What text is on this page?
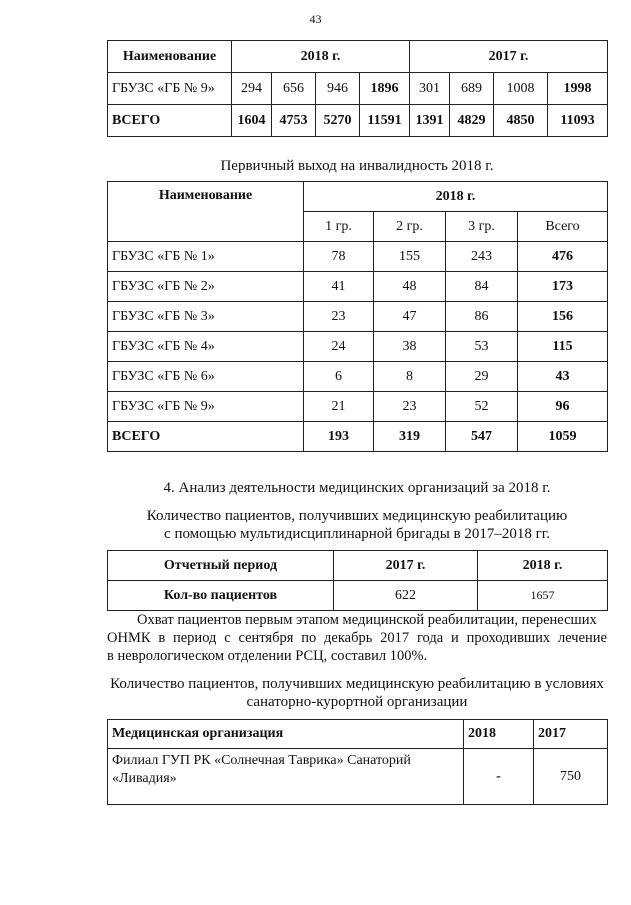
43
Наименование	2018 г.				2017 г.			
ГБУЗС «ГБ № 9»	294	656	946	1896	301	689	1008	1998
ВСЕГО	1604	4753	5270	11591	1391	4829	4850	11093
Первичный выход на инвалидность 2018 г.
Наименование	2018 г.			
	1 гр.	2 гр.	3 гр.	Всего
ГБУЗС «ГБ № 1»	78	155	243	476
ГБУЗС «ГБ № 2»	41	48	84	173
ГБУЗС «ГБ № 3»	23	47	86	156
ГБУЗС «ГБ № 4»	24	38	53	115
ГБУЗС «ГБ № 6»	6	8	29	43
ГБУЗС «ГБ № 9»	21	23	52	96
ВСЕГО	193	319	547	1059
4. Анализ деятельности медицинских организаций за 2018 г.
Количество пациентов, получивших медицинскую реабилитацию
с помощью мультидисциплинарной бригады в 2017–2018 гг.
Отчетный период	2017 г.	2018 г.
Кол-во пациентов	622	1657
Охват пациентов первым этапом медицинской реабилитации, перенесших
ОНМК в период с сентября по декабрь 2017 года и проходивших лечение
в неврологическом отделении РСЦ, составил 100%.
Количество пациентов, получивших медицинскую реабилитацию в условиях
санаторно-курортной организации
Медицинская организация	2018	2017

Филиал ГУП РК «Солнечная Таврика» Санаторий
«Ливадия»	-	750
